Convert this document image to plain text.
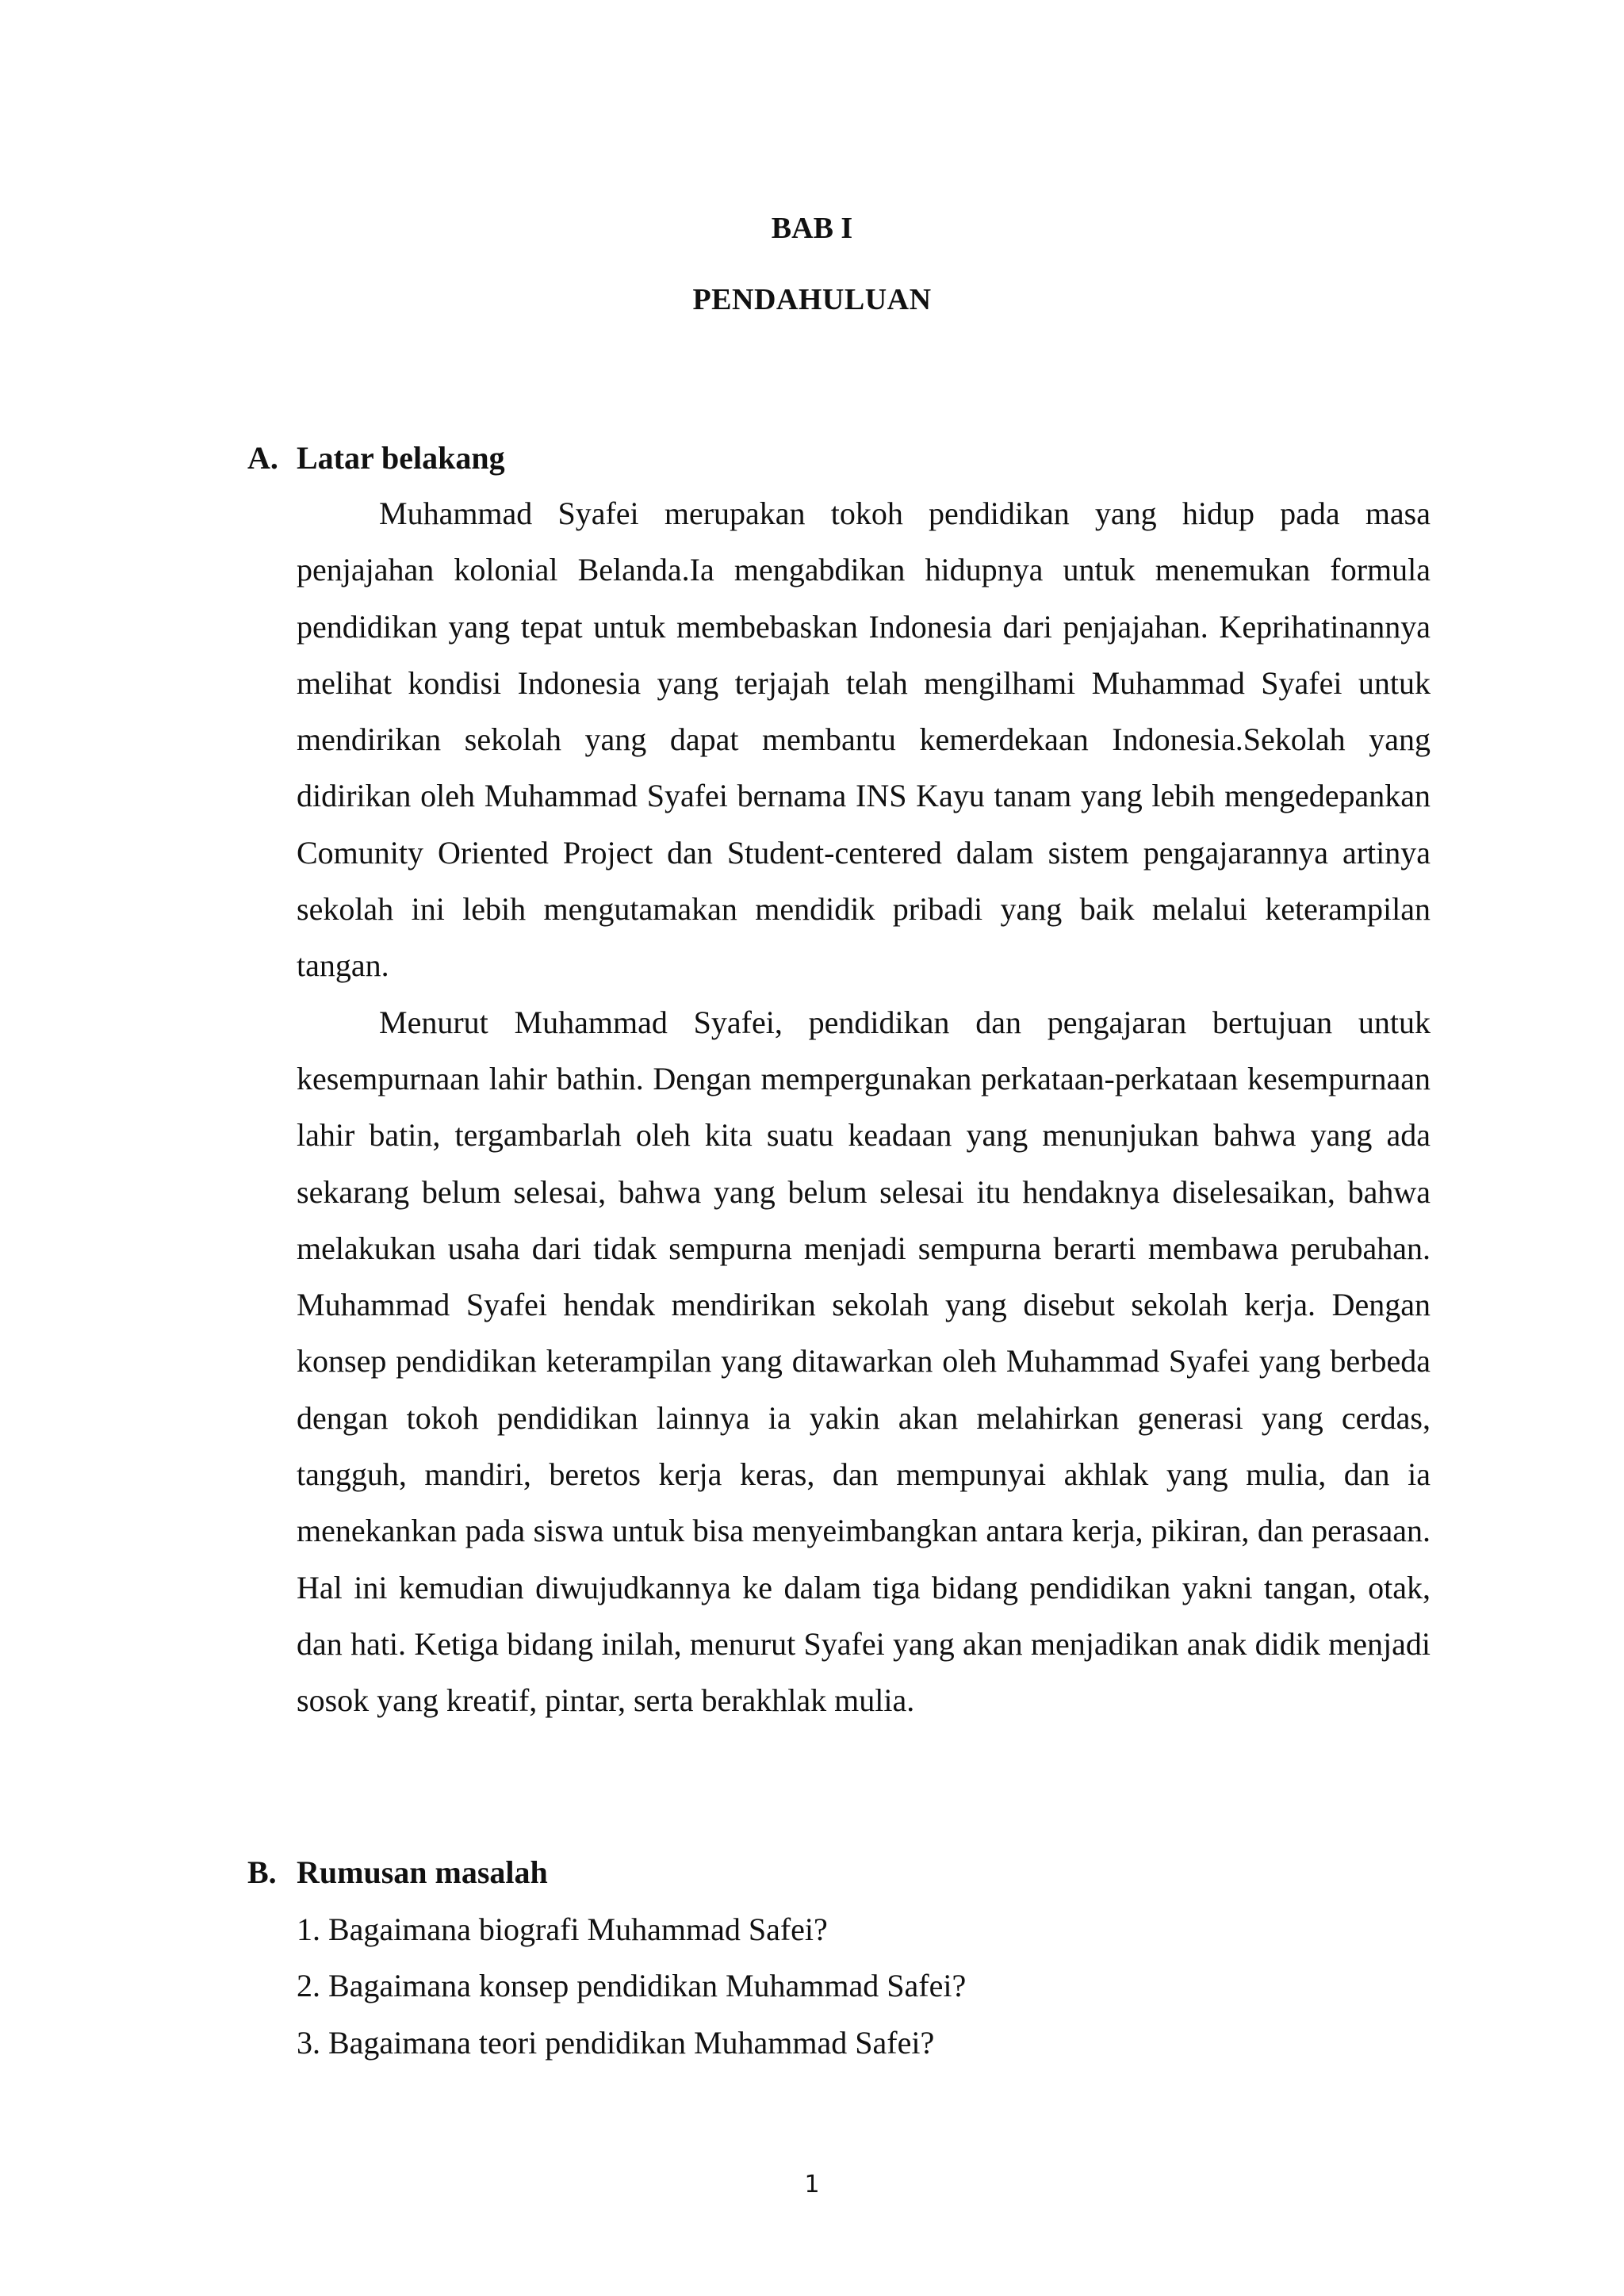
BAB I
PENDAHULUAN
A. Latar belakang

Muhammad Syafei merupakan tokoh pendidikan yang hidup pada masa penjajahan kolonial Belanda.Ia mengabdikan hidupnya untuk menemukan formula pendidikan yang tepat untuk membebaskan Indonesia dari penjajahan. Keprihatinannya melihat kondisi Indonesia yang terjajah telah mengilhami Muhammad Syafei untuk mendirikan sekolah yang dapat membantu kemerdekaan Indonesia.Sekolah yang didirikan oleh Muhammad Syafei bernama INS Kayu tanam yang lebih mengedepankan Comunity Oriented Project dan Student-centered dalam sistem pengajarannya artinya sekolah ini lebih mengutamakan mendidik pribadi yang baik melalui keterampilan tangan.

Menurut Muhammad Syafei, pendidikan dan pengajaran bertujuan untuk kesempurnaan lahir bathin. Dengan mempergunakan perkataan-perkataan kesempurnaan lahir batin, tergambarlah oleh kita suatu keadaan yang menunjukan bahwa yang ada sekarang belum selesai, bahwa yang belum selesai itu hendaknya diselesaikan, bahwa melakukan usaha dari tidak sempurna menjadi sempurna berarti membawa perubahan. Muhammad Syafei hendak mendirikan sekolah yang disebut sekolah kerja. Dengan konsep pendidikan keterampilan yang ditawarkan oleh Muhammad Syafei yang berbeda dengan tokoh pendidikan lainnya ia yakin akan melahirkan generasi yang cerdas, tangguh, mandiri, beretos kerja keras, dan mempunyai akhlak yang mulia, dan ia menekankan pada siswa untuk bisa menyeimbangkan antara kerja, pikiran, dan perasaan. Hal ini kemudian diwujudkannya ke dalam tiga bidang pendidikan yakni tangan, otak, dan hati. Ketiga bidang inilah, menurut Syafei yang akan menjadikan anak didik menjadi sosok yang kreatif, pintar, serta berakhlak mulia.

B. Rumusan masalah
1. Bagaimana biografi Muhammad Safei?
2. Bagaimana konsep pendidikan Muhammad Safei?
3. Bagaimana teori pendidikan Muhammad Safei?
1
